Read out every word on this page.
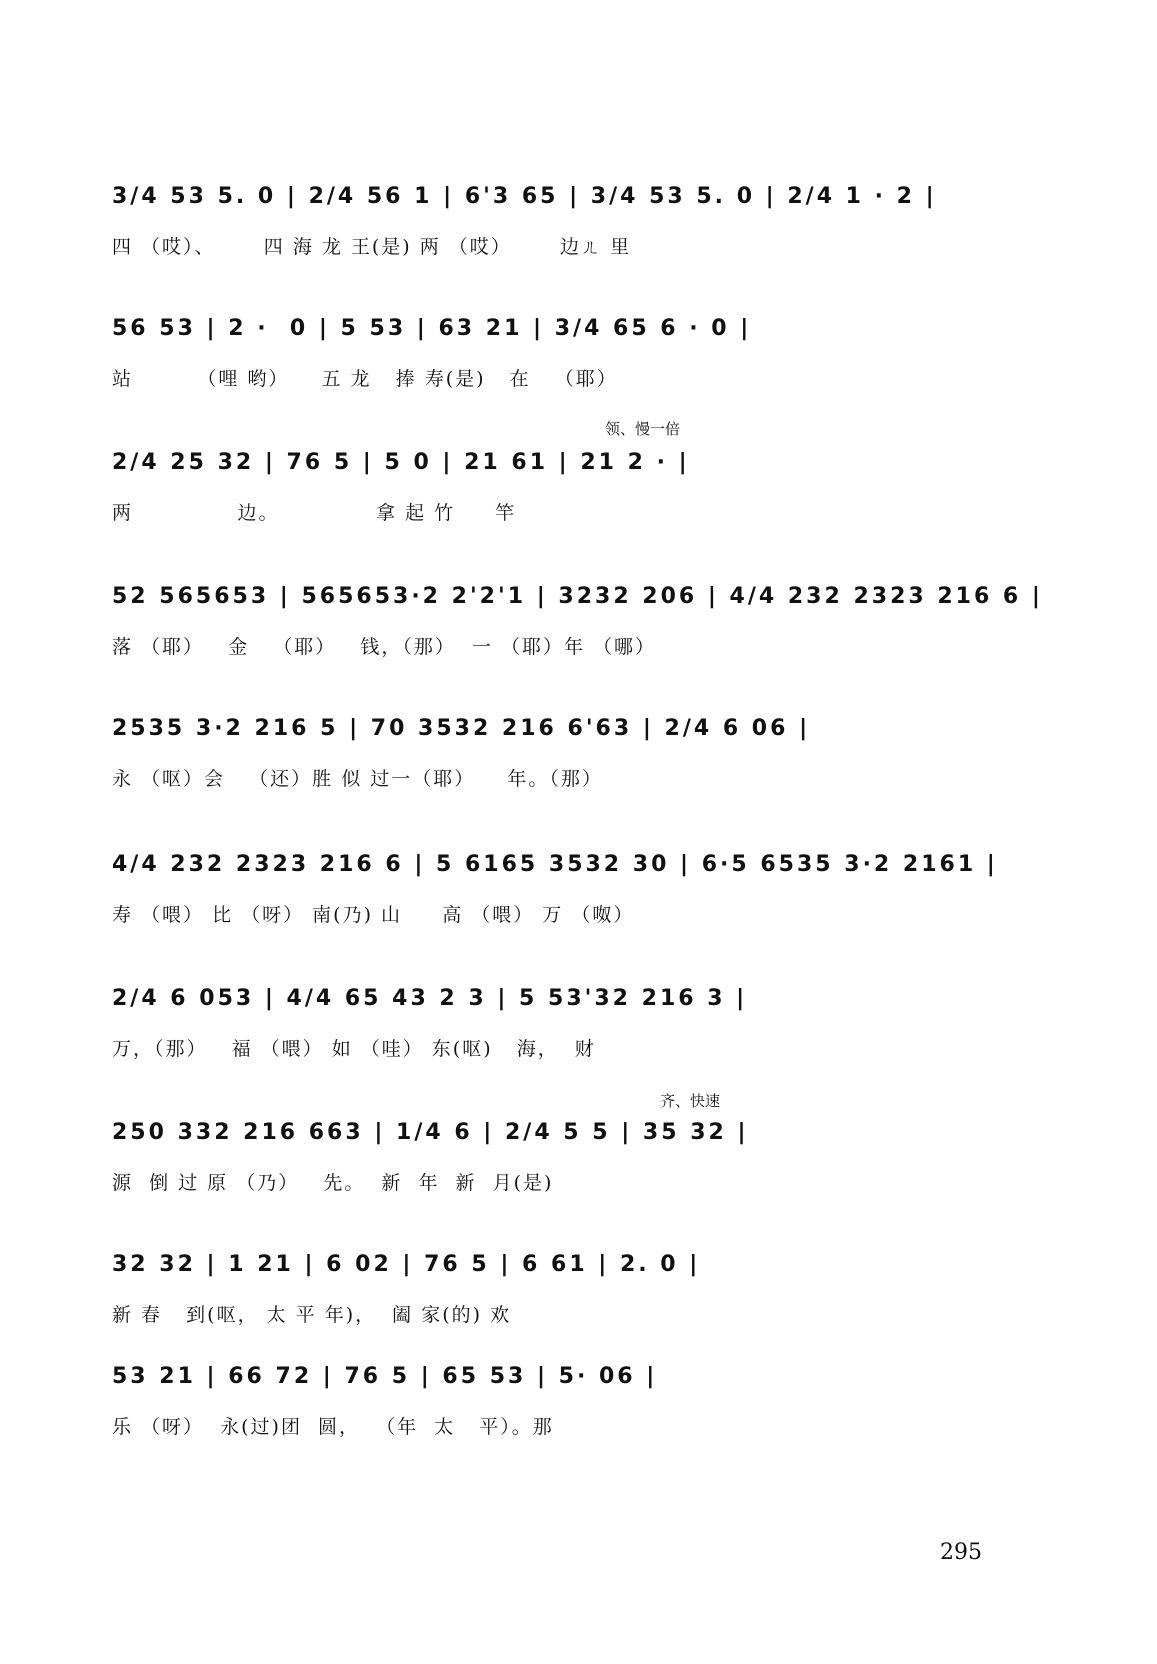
领、慢一倍
齐、快速
3/4 53 5. 0 | 2/4 56 1 | 6'3 65 | 3/4 53 5. 0 | 2/4 1 · 2 |
四 （哎）、      四 海 龙 王(是) 两 （哎）      边ㄦ 里
56 53 | 2 ·  0 | 5 53 | 63 21 | 3/4 65 6 · 0 |
站        （哩 哟）    五 龙   捧 寿(是)   在   （耶）
2/4 25 32 | 76 5 | 5 0 | 21 61 | 21 2 · |
两             边。            拿 起 竹     竿
52 565653 | 565653·2 2'2'1 | 3232 206 | 4/4 232 2323 216 6 |
落 （耶）   金   （耶）   钱，（那）  一 （耶）年 （哪）
2535 3·2 216 5 | 70 3532 216 6'63 | 2/4 6 06 |
永 （呕）会   （还）胜 似 过一（耶）    年。（那）
4/4 232 2323 216 6 | 5 6165 3532 30 | 6·5 6535 3·2 2161 |
寿 （喂） 比 （呀） 南(乃) 山     高 （喂） 万 （呶）
2/4 6 053 | 4/4 65 43 2 3 | 5 53'32 216 3 |
万，（那）   福 （喂） 如 （哇） 东(呕)   海，  财
250 332 216 663 | 1/4 6 | 2/4 5 5 | 35 32 |
源  倒 过 原 （乃）   先。  新  年  新  月(是)
32 32 | 1 21 | 6 02 | 76 5 | 6 61 | 2. 0 |
新 春   到(呕， 太 平 年)，  阖 家(的) 欢
53 21 | 66 72 | 76 5 | 65 53 | 5· 06 |
乐 （呀）  永(过)团  圆，  （年  太   平）。那
295
